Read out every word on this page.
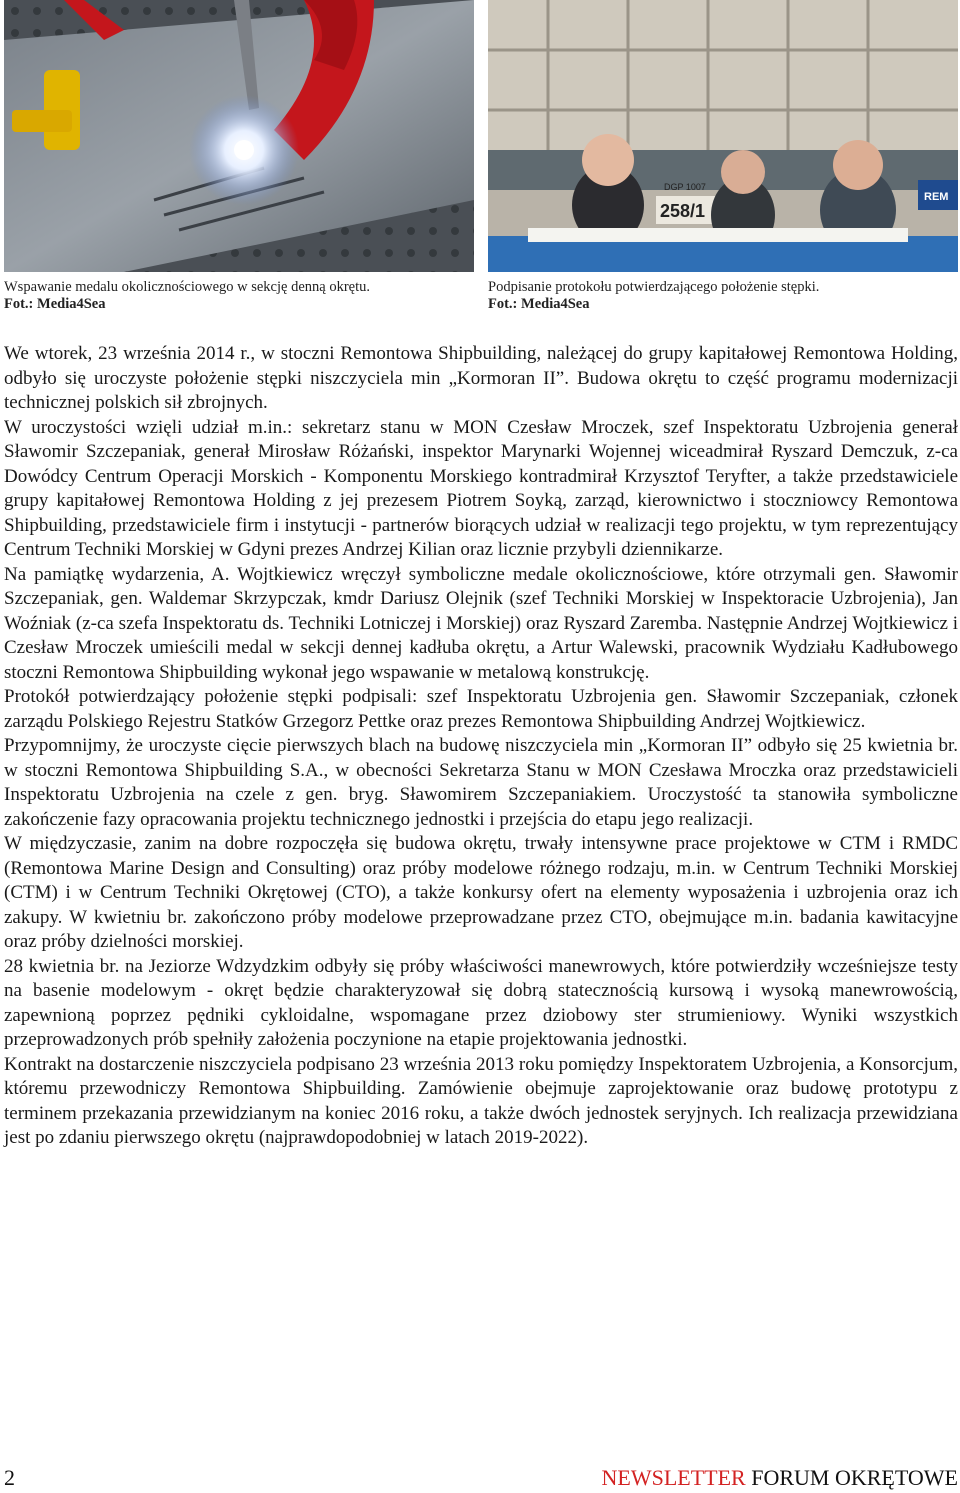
258/1
DGP 1007
REM
Wspawanie medalu okolicznościowego w sekcję denną okrętu.
Fot.: Media4Sea
Podpisanie protokołu potwierdzającego położenie stępki.
Fot.: Media4Sea

We wtorek, 23 września 2014 r., w stoczni Remontowa Shipbuilding, należącej do grupy kapitałowej Remontowa Holding, odbyło się uroczyste położenie stępki niszczyciela min „Kormoran II”. Budowa okrętu to część programu modernizacji technicznej polskich sił zbrojnych.

W uroczystości wzięli udział m.in.: sekretarz stanu w MON Czesław Mroczek, szef Inspektoratu Uzbrojenia generał Sławomir Szczepaniak, generał Mirosław Różański, inspektor Marynarki Wojennej wiceadmirał Ryszard Demczuk, z-ca Dowódcy Centrum Operacji Morskich - Komponentu Morskiego kontradmirał Krzysztof Teryfter, a także przedstawiciele grupy kapitałowej Remontowa Holding z jej prezesem Piotrem Soyką, zarząd, kierownictwo i stoczniowcy Remontowa Shipbuilding, przedstawiciele firm i instytucji - partnerów biorących udział w realizacji tego projektu, w tym reprezentujący Centrum Techniki Morskiej w Gdyni prezes Andrzej Kilian oraz licznie przybyli dziennikarze.

Na pamiątkę wydarzenia, A. Wojtkiewicz wręczył symboliczne medale okolicznościowe, które otrzymali gen. Sławomir Szczepaniak, gen. Waldemar Skrzypczak, kmdr Dariusz Olejnik (szef Techniki Morskiej w Inspektoracie Uzbrojenia), Jan Woźniak (z-ca szefa Inspektoratu ds. Techniki Lotniczej i Morskiej) oraz Ryszard Zaremba. Następnie Andrzej Wojtkiewicz i Czesław Mroczek umieścili medal w sekcji dennej kadłuba okrętu, a Artur Walewski, pracownik Wydziału Kadłubowego stoczni Remontowa Shipbuilding wykonał jego wspawanie w metalową konstrukcję.

Protokół potwierdzający położenie stępki podpisali: szef Inspektoratu Uzbrojenia gen. Sławomir Szczepaniak, członek zarządu Polskiego Rejestru Statków Grzegorz Pettke oraz prezes Remontowa Shipbuilding Andrzej Wojtkiewicz.

Przypomnijmy, że uroczyste cięcie pierwszych blach na budowę niszczyciela min „Kormoran II” odbyło się 25 kwietnia br. w stoczni Remontowa Shipbuilding S.A., w obecności Sekretarza Stanu w MON Czesława Mroczka oraz przedstawicieli Inspektoratu Uzbrojenia na czele z gen. bryg. Sławomirem Szczepaniakiem. Uroczystość ta stanowiła symboliczne zakończenie fazy opracowania projektu technicznego jednostki i przejścia do etapu jego realizacji.

W międzyczasie, zanim na dobre rozpoczęła się budowa okrętu, trwały intensywne prace projektowe w CTM i RMDC (Remontowa Marine Design and Consulting) oraz próby modelowe różnego rodzaju, m.in. w Centrum Techniki Morskiej (CTM) i w Centrum Techniki Okrętowej (CTO), a także konkursy ofert na elementy wyposażenia i uzbrojenia oraz ich zakupy. W kwietniu br. zakończono próby modelowe przeprowadzane przez CTO, obejmujące m.in. badania kawitacyjne oraz próby dzielności morskiej.

28 kwietnia br. na Jeziorze Wdzydzkim odbyły się próby właściwości manewrowych, które potwierdziły wcześniejsze testy na basenie modelowym - okręt będzie charakteryzował się dobrą statecznością kursową i wysoką manewrowością, zapewnioną poprzez pędniki cykloidalne, wspomagane przez dziobowy ster strumieniowy. Wyniki wszystkich przeprowadzonych prób spełniły założenia poczynione na etapie projektowania jednostki.

Kontrakt na dostarczenie niszczyciela podpisano 23 września 2013 roku pomiędzy Inspektoratem Uzbrojenia, a Konsorcjum, któremu przewodniczy Remontowa Shipbuilding. Zamówienie obejmuje zaprojektowanie oraz budowę prototypu z terminem przekazania przewidzianym na koniec 2016 roku, a także dwóch jednostek seryjnych. Ich realizacja przewidziana jest po zdaniu pierwszego okrętu (najprawdopodobniej w latach 2019-2022).

2	NEWSLETTER FORUM OKRĘTOWE
